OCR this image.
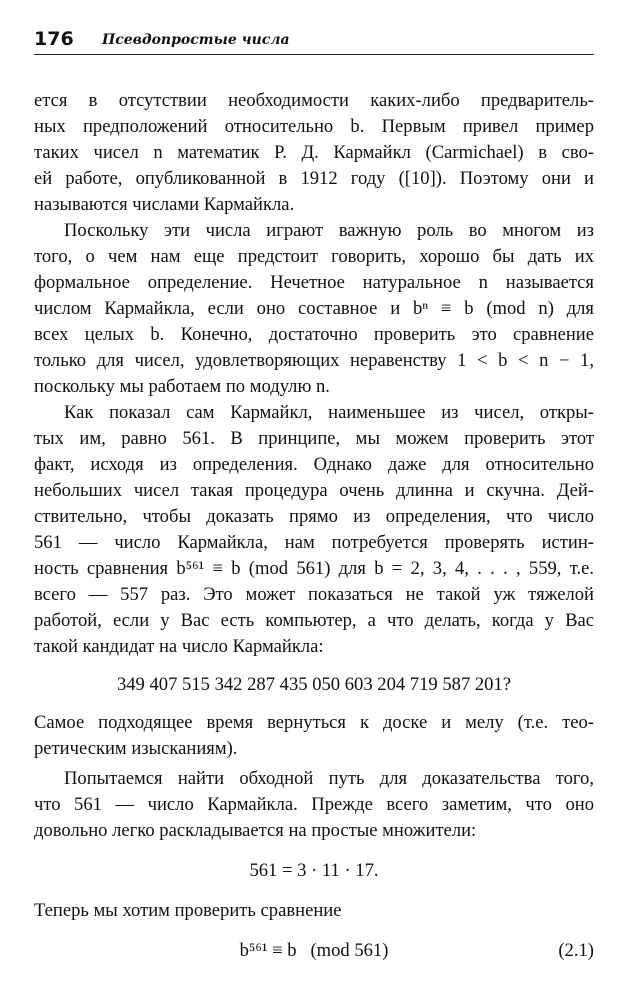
176 Псевдопростые числа
ется в отсутствии необходимости каких-либо предваритель-
ных предположений относительно b. Первым привел пример
таких чисел n математик Р. Д. Кармайкл (Carmichael) в сво-
ей работе, опубликованной в 1912 году ([10]). Поэтому они и
называются числами Кармайкла.
Поскольку эти числа играют важную роль во многом из
того, о чем нам еще предстоит говорить, хорошо бы дать их
формальное определение. Нечетное натуральное n называется
числом Кармайкла, если оно составное и bⁿ ≡ b (mod n) для
всех целых b. Конечно, достаточно проверить это сравнение
только для чисел, удовлетворяющих неравенству 1 < b < n − 1,
поскольку мы работаем по модулю n.
Как показал сам Кармайкл, наименьшее из чисел, откры-
тых им, равно 561. В принципе, мы можем проверить этот
факт, исходя из определения. Однако даже для относительно
небольших чисел такая процедура очень длинна и скучна. Дей-
ствительно, чтобы доказать прямо из определения, что число
561 — число Кармайкла, нам потребуется проверять истин-
ность сравнения b⁵⁶¹ ≡ b (mod 561) для b = 2, 3, 4, . . . , 559, т.е.
всего — 557 раз. Это может показаться не такой уж тяжелой
работой, если у Вас есть компьютер, а что делать, когда у Вас
такой кандидат на число Кармайкла:
349 407 515 342 287 435 050 603 204 719 587 201?
Самое подходящее время вернуться к доске и мелу (т.е. тео-
ретическим изысканиям).
Попытаемся найти обходной путь для доказательства того,
что 561 — число Кармайкла. Прежде всего заметим, что оно
довольно легко раскладывается на простые множители:
561 = 3 · 11 · 17.
Теперь мы хотим проверить сравнение
b⁵⁶¹ ≡ b   (mod 561)	(2.1)
